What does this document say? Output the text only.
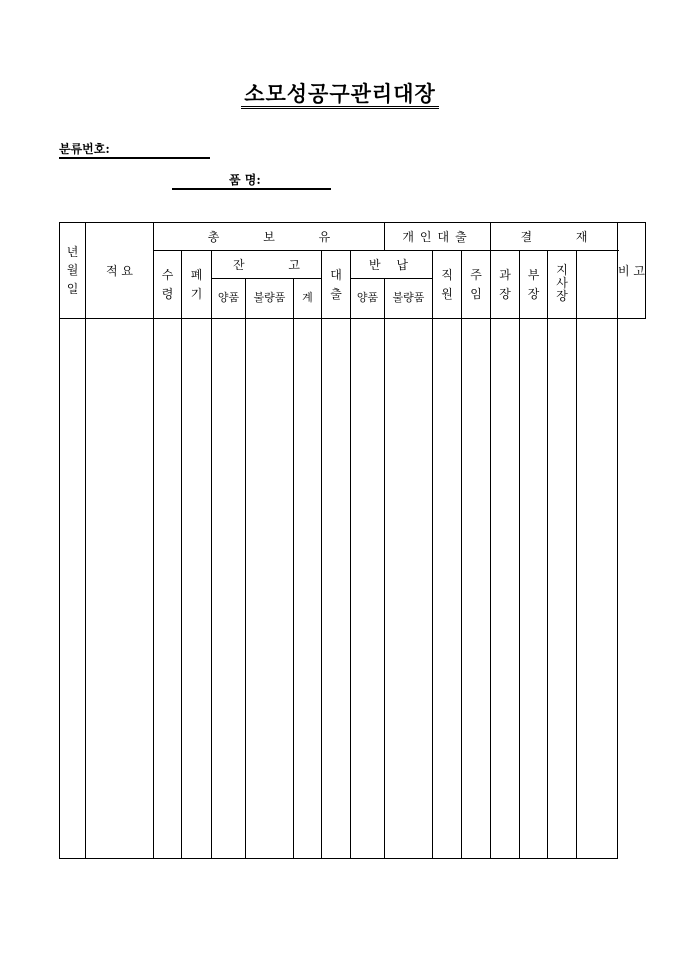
소모성공구관리대장
분류번호:
품 명:
년월일	적 요	총 보 유							개인대출			결 재				비 고
		수령	폐기	잔 고			대출	반 납		직원	주임	과장	부장	지사장		
				양품	불량품	계		양품	불량품							
